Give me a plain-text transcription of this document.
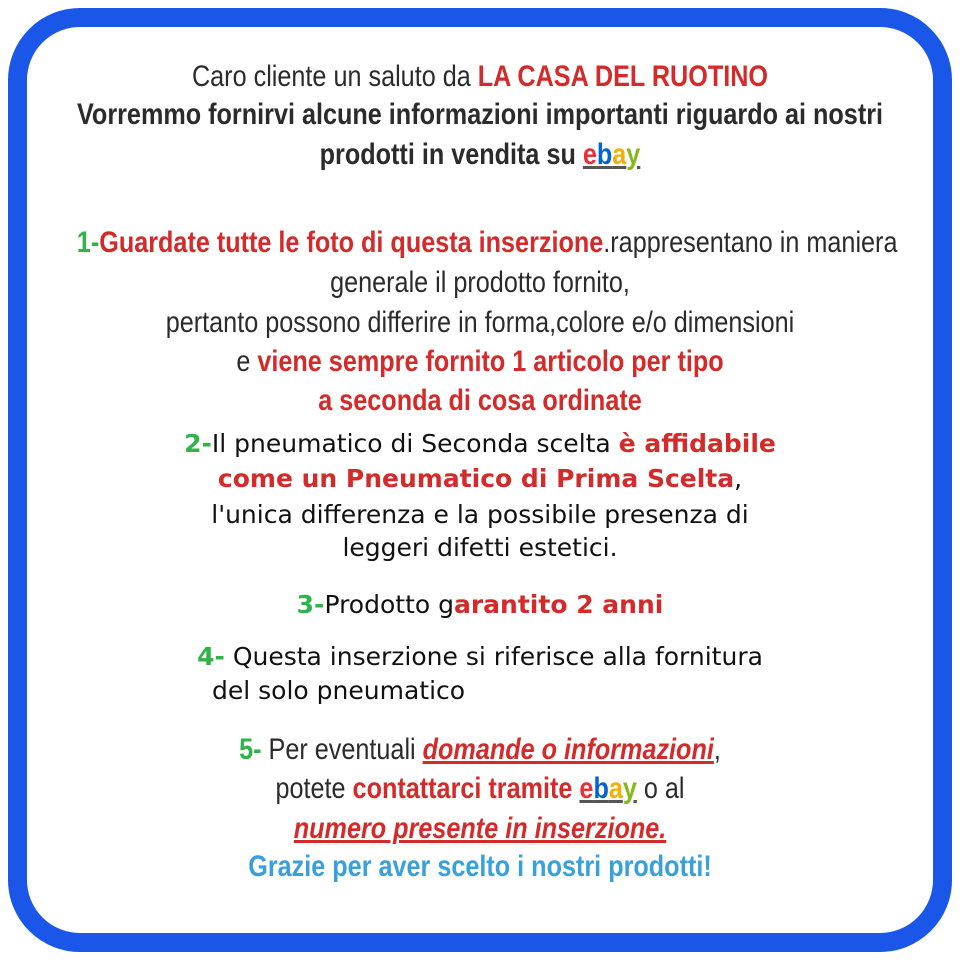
Caro cliente un saluto da LA CASA DEL RUOTINO
Vorremmo fornirvi alcune informazioni importanti riguardo ai nostri
prodotti in vendita su ebay
1-Guardate tutte le foto di questa inserzione.rappresentano in maniera
generale il prodotto fornito,
pertanto possono differire in forma,colore e/o dimensioni
e viene sempre fornito 1 articolo per tipo
a seconda di cosa ordinate
2-Il pneumatico di Seconda scelta è affidabile
come un Pneumatico di Prima Scelta,
l'unica differenza e la possibile presenza di
leggeri difetti estetici.
3-Prodotto garantito 2 anni
4- Questa inserzione si riferisce alla fornitura
del solo pneumatico
5- Per eventuali domande o informazioni,
potete contattarci tramite ebay o al
numero presente in inserzione.
Grazie per aver scelto i nostri prodotti!
